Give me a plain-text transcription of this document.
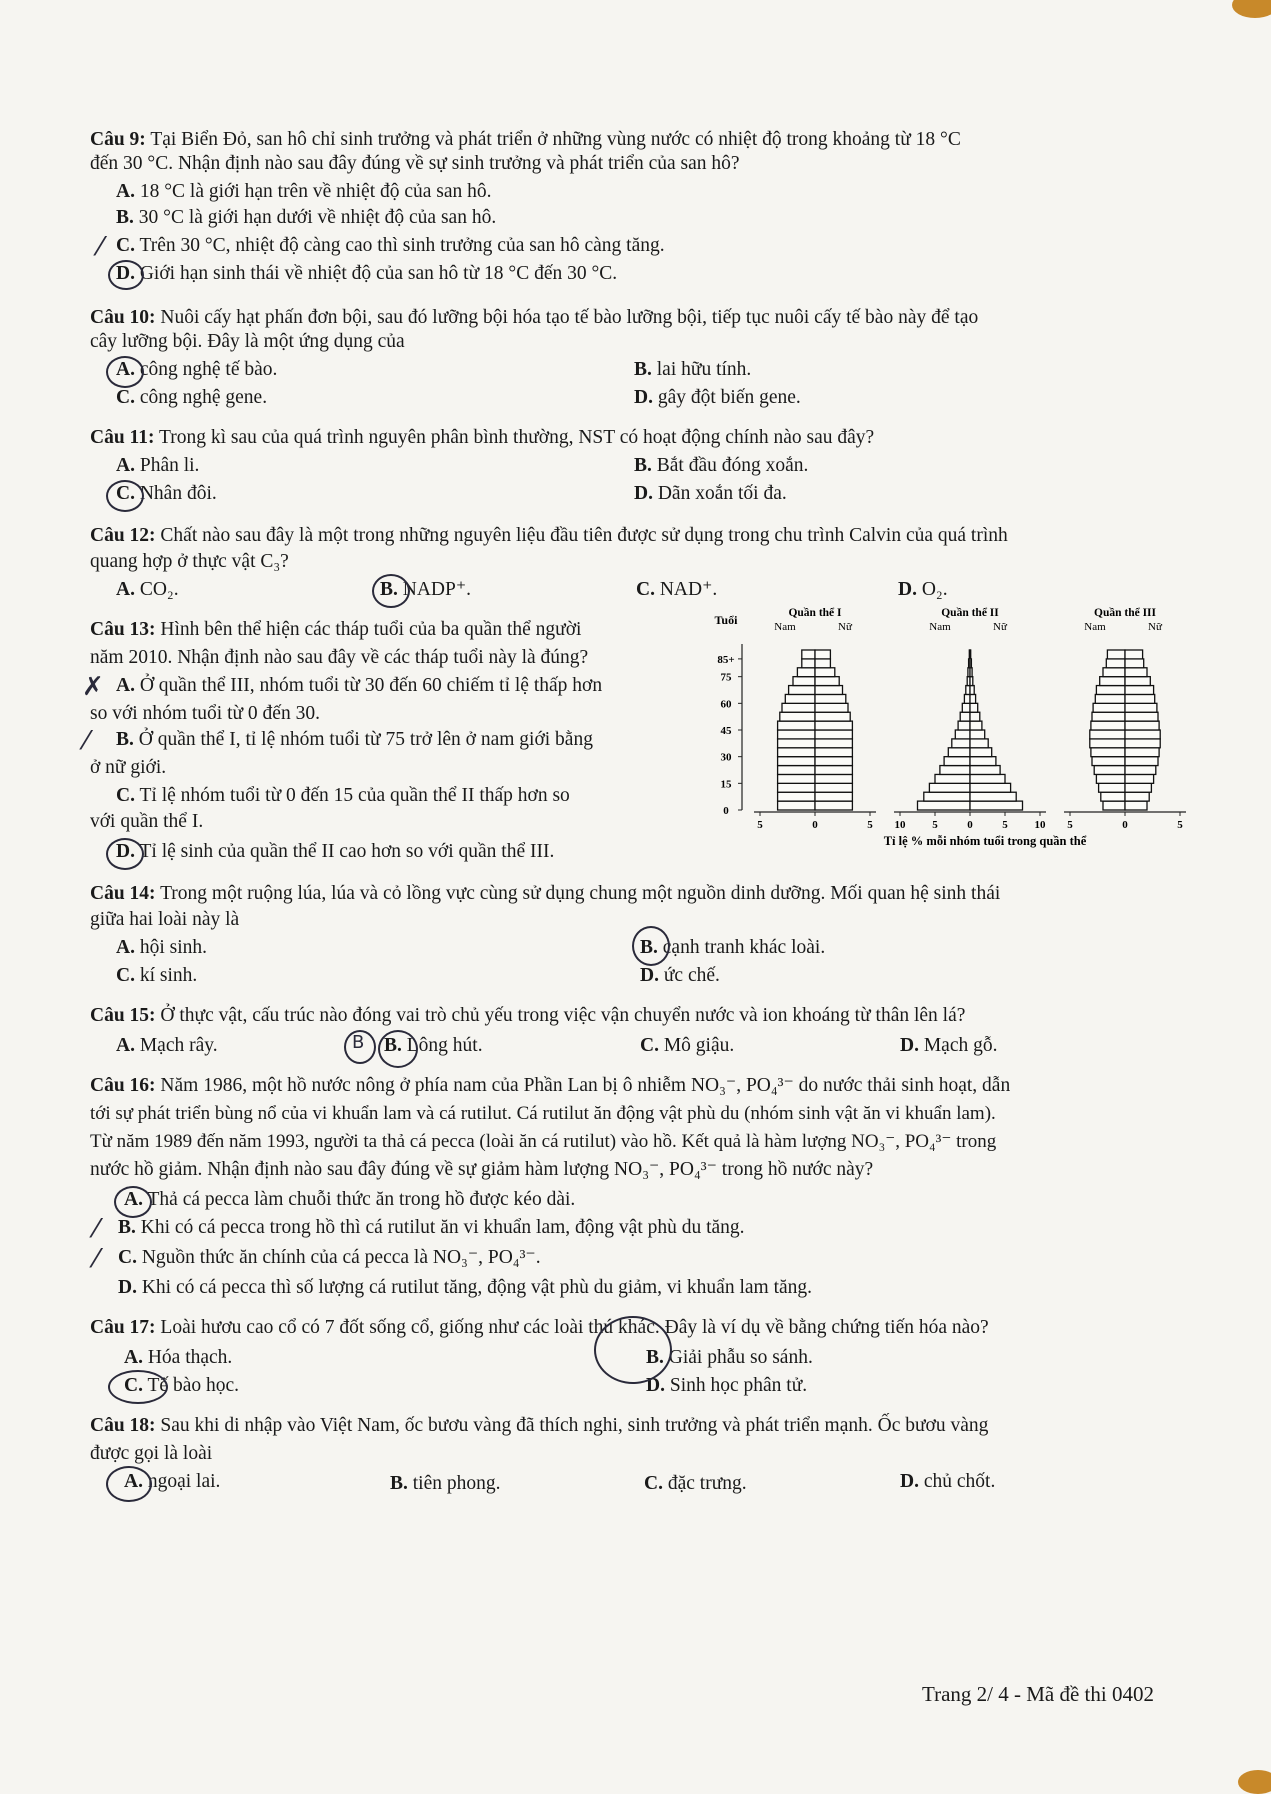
Câu 9: Tại Biển Đỏ, san hô chỉ sinh trưởng và phát triển ở những vùng nước có nhiệt độ trong khoảng từ 18 °C
đến 30 °C. Nhận định nào sau đây đúng về sự sinh trưởng và phát triển của san hô?
A. 18 °C là giới hạn trên về nhiệt độ của san hô.
B. 30 °C là giới hạn dưới về nhiệt độ của san hô.
C. Trên 30 °C, nhiệt độ càng cao thì sinh trưởng của san hô càng tăng.
D. Giới hạn sinh thái về nhiệt độ của san hô từ 18 °C đến 30 °C.
⁄
Câu 10: Nuôi cấy hạt phấn đơn bội, sau đó lưỡng bội hóa tạo tế bào lưỡng bội, tiếp tục nuôi cấy tế bào này để tạo
cây lưỡng bội. Đây là một ứng dụng của
A. công nghệ tế bào.	B. lai hữu tính.
C. công nghệ gene.	D. gây đột biến gene.
Câu 11: Trong kì sau của quá trình nguyên phân bình thường, NST có hoạt động chính nào sau đây?
A. Phân li.	B. Bắt đầu đóng xoắn.
C. Nhân đôi.	D. Dãn xoắn tối đa.
Câu 12: Chất nào sau đây là một trong những nguyên liệu đầu tiên được sử dụng trong chu trình Calvin của quá trình
quang hợp ở thực vật C₃?
A. CO₂.	B. NADP⁺.	C. NAD⁺.	D. O₂.
Câu 13: Hình bên thể hiện các tháp tuổi của ba quần thể người
năm 2010. Nhận định nào sau đây về các tháp tuổi này là đúng?
A. Ở quần thể III, nhóm tuổi từ 30 đến 60 chiếm tỉ lệ thấp hơn
so với nhóm tuổi từ 0 đến 30.
B. Ở quần thể I, tỉ lệ nhóm tuổi từ 75 trở lên ở nam giới bằng
ở nữ giới.
C. Tỉ lệ nhóm tuổi từ 0 đến 15 của quần thể II thấp hơn so
với quần thể I.
D. Tỉ lệ sinh của quần thể II cao hơn so với quần thể III.
✗
⁄
Tuổi
0
15
30
45
60
75
85+
Quần thể I
Nam	Nữ
5	0	5
Quần thể II
Nam	Nữ
10 5	0	5 10
Quần thể III
Nam	Nữ
5	0	5
Tỉ lệ % mỗi nhóm tuổi trong quần thể
Câu 14: Trong một ruộng lúa, lúa và cỏ lồng vực cùng sử dụng chung một nguồn dinh dưỡng. Mối quan hệ sinh thái
giữa hai loài này là
A. hội sinh.	B. cạnh tranh khác loài.
C. kí sinh.	D. ức chế.
Câu 15: Ở thực vật, cấu trúc nào đóng vai trò chủ yếu trong việc vận chuyển nước và ion khoáng từ thân lên lá?
A. Mạch rây.	B. Lông hút.	C. Mô giậu.	D. Mạch gỗ.
B
Câu 16: Năm 1986, một hồ nước nông ở phía nam của Phần Lan bị ô nhiễm NO₃⁻, PO₄³⁻ do nước thải sinh hoạt, dẫn
tới sự phát triển bùng nổ của vi khuẩn lam và cá rutilut. Cá rutilut ăn động vật phù du (nhóm sinh vật ăn vi khuẩn lam).
Từ năm 1989 đến năm 1993, người ta thả cá pecca (loài ăn cá rutilut) vào hồ. Kết quả là hàm lượng NO₃⁻, PO₄³⁻ trong
nước hồ giảm. Nhận định nào sau đây đúng về sự giảm hàm lượng NO₃⁻, PO₄³⁻ trong hồ nước này?
A. Thả cá pecca làm chuỗi thức ăn trong hồ được kéo dài.
B. Khi có cá pecca trong hồ thì cá rutilut ăn vi khuẩn lam, động vật phù du tăng.
C. Nguồn thức ăn chính của cá pecca là NO₃⁻, PO₄³⁻.
D. Khi có cá pecca thì số lượng cá rutilut tăng, động vật phù du giảm, vi khuẩn lam tăng.
⁄
⁄
Câu 17: Loài hươu cao cổ có 7 đốt sống cổ, giống như các loài thú khác. Đây là ví dụ về bằng chứng tiến hóa nào?
A. Hóa thạch.	B. Giải phẫu so sánh.
C. Tế bào học.	D. Sinh học phân tử.
Câu 18: Sau khi di nhập vào Việt Nam, ốc bươu vàng đã thích nghi, sinh trưởng và phát triển mạnh. Ốc bươu vàng
được gọi là loài
A. ngoại lai.	B. tiên phong.	C. đặc trưng.	D. chủ chốt.
Trang 2/ 4 - Mã đề thi 0402
